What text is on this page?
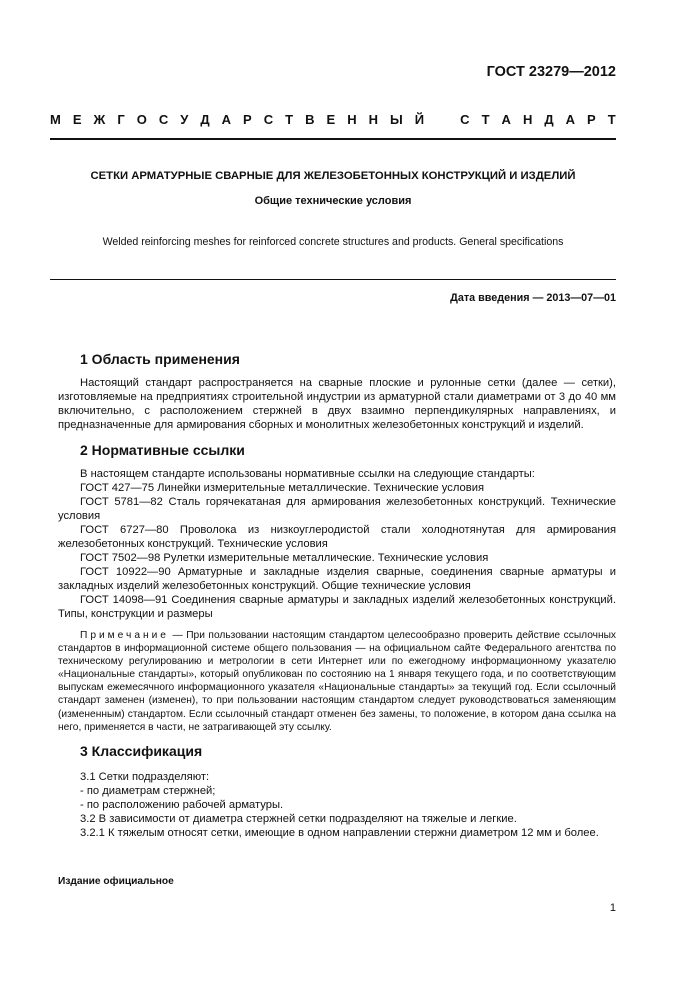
ГОСТ 23279—2012
М Е Ж Г О С У Д А Р С Т В Е Н Н Ы Й	С Т А Н Д А Р Т
СЕТКИ АРМАТУРНЫЕ СВАРНЫЕ ДЛЯ ЖЕЛЕЗОБЕТОННЫХ КОНСТРУКЦИЙ И ИЗДЕЛИЙ
Общие технические условия
Welded reinforcing meshes for reinforced concrete structures and products. General specifications
Дата введения — 2013—07—01
1 Область применения

Настоящий стандарт распространяется на сварные плоские и рулонные сетки (далее — сетки), изготовляемые на предприятиях строительной индустрии из арматурной стали диаметрами от 3 до 40 мм включительно, с расположением стержней в двух взаимно перпендикулярных направлениях, и предназначенные для армирования сборных и монолитных железобетонных конструкций и изделий.

2 Нормативные ссылки

В настоящем стандарте использованы нормативные ссылки на следующие стандарты:

ГОСТ 427—75 Линейки измерительные металлические. Технические условия

ГОСТ 5781—82 Сталь горячекатаная для армирования железобетонных конструкций. Технические условия

ГОСТ 6727—80 Проволока из низкоуглеродистой стали холоднотянутая для армирования железобетонных конструкций. Технические условия

ГОСТ 7502—98 Рулетки измерительные металлические. Технические условия

ГОСТ 10922—90 Арматурные и закладные изделия сварные, соединения сварные арматуры и закладных изделий железобетонных конструкций. Общие технические условия

ГОСТ 14098—91 Соединения сварные арматуры и закладных изделий железобетонных конструкций. Типы, конструкции и размеры

Примечание — При пользовании настоящим стандартом целесообразно проверить действие ссылочных стандартов в информационной системе общего пользования — на официальном сайте Федерального агентства по техническому регулированию и метрологии в сети Интернет или по ежегодному информационному указателю «Национальные стандарты», который опубликован по состоянию на 1 января текущего года, и по соответствующим выпускам ежемесячного информационного указателя «Национальные стандарты» за текущий год. Если ссылочный стандарт заменен (изменен), то при пользовании настоящим стандартом следует руководствоваться заменяющим (измененным) стандартом. Если ссылочный стандарт отменен без замены, то положение, в котором дана ссылка на него, применяется в части, не затрагивающей эту ссылку.

3 Классификация

3.1 Сетки подразделяют:

- по диаметрам стержней;

- по расположению рабочей арматуры.

3.2 В зависимости от диаметра стержней сетки подразделяют на тяжелые и легкие.

3.2.1 К тяжелым относят сетки, имеющие в одном направлении стержни диаметром 12 мм и более.

Издание официальное
1
